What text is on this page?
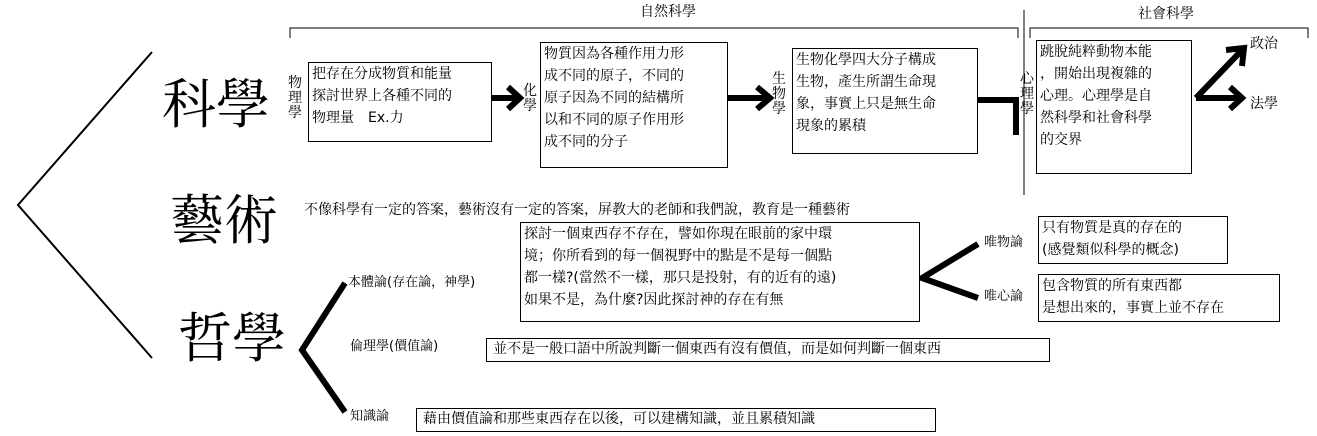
自然科學	社會科學
科學 物理學
把存在分成物質和能量
探討世界上各種不同的
物理量　Ex.力
化學
物質因為各種作用力形
成不同的原子，不同的
原子因為不同的結構所
以和不同的原子作用形
成不同的分子
生物學
生物化學四大分子構成
生物，產生所謂生命現
象，事實上只是無生命
現象的累積
心理學
跳脫純粹動物本能
，開始出現複雜的
心理。心理學是自
然科學和社會科學
的交界
政治
法學
藝術 不像科學有一定的答案，藝術沒有一定的答案，屏教大的老師和我們說，教育是一種藝術
哲學
本體論(存在論，神學)
探討一個東西存不存在，譬如你現在眼前的家中環
境；你所看到的每一個視野中的點是不是每一個點
都一樣?(當然不一樣，那只是投射，有的近有的遠)
如果不是，為什麼?因此探討神的存在有無
唯物論
只有物質是真的存在的
(感覺類似科學的概念)
唯心論
包含物質的所有東西都
是想出來的，事實上並不存在
倫理學(價值論)	並不是一般口語中所說判斷一個東西有沒有價值，而是如何判斷一個東西
知識論	藉由價值論和那些東西存在以後，可以建構知識，並且累積知識
